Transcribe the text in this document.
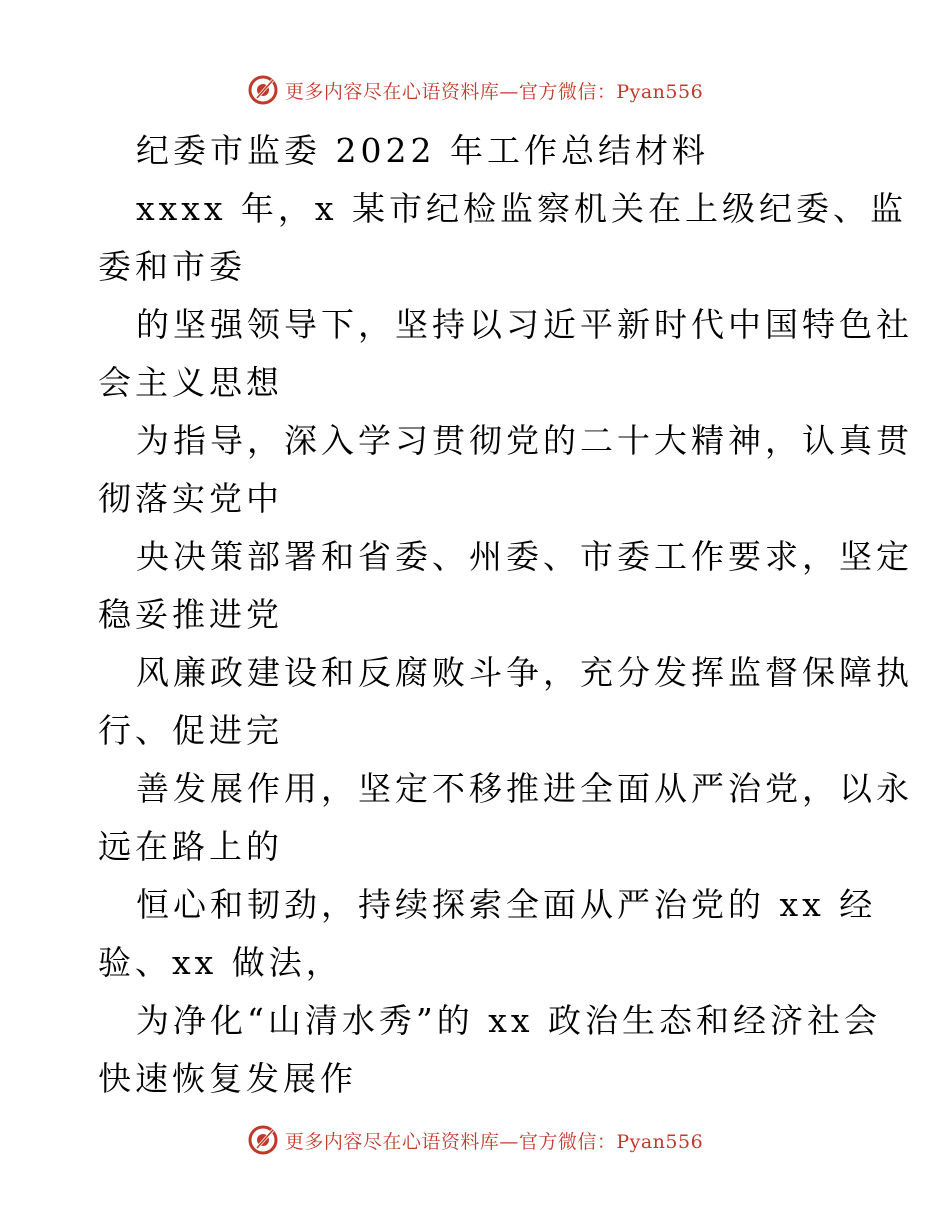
更多内容尽在心语资料库—官方微信：Pyan556
纪委市监委 2022 年工作总结材料
xxxx 年，x 某市纪检监察机关在上级纪委、监
委和市委
的坚强领导下，坚持以习近平新时代中国特色社
会主义思想
为指导，深入学习贯彻党的二十大精神，认真贯
彻落实党中
央决策部署和省委、州委、市委工作要求，坚定
稳妥推进党
风廉政建设和反腐败斗争，充分发挥监督保障执
行、促进完
善发展作用，坚定不移推进全面从严治党，以永
远在路上的
恒心和韧劲，持续探索全面从严治党的 xx 经
验、xx 做法，
为净化“山清水秀”的 xx 政治生态和经济社会
快速恢复发展作
更多内容尽在心语资料库—官方微信：Pyan556
